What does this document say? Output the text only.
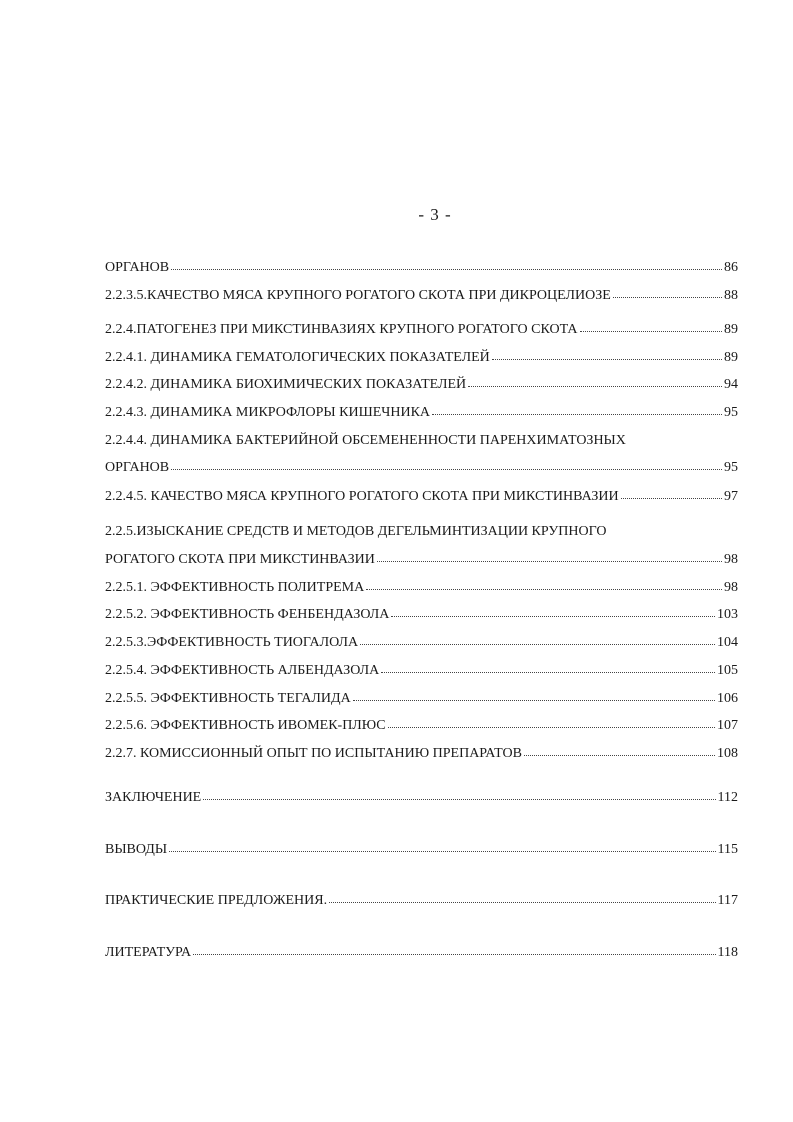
- 3 -
ОРГАНОВ	86
2.2.3.5.КАЧЕСТВО МЯСА КРУПНОГО РОГАТОГО СКОТА ПРИ ДИКРОЦЕЛИОЗЕ	88
2.2.4.ПАТОГЕНЕЗ ПРИ МИКСТИНВАЗИЯХ КРУПНОГО РОГАТОГО СКОТА	89
2.2.4.1. ДИНАМИКА ГЕМАТОЛОГИЧЕСКИХ ПОКАЗАТЕЛЕЙ	89
2.2.4.2. ДИНАМИКА БИОХИМИЧЕСКИХ ПОКАЗАТЕЛЕЙ	94
2.2.4.3. ДИНАМИКА МИКРОФЛОРЫ КИШЕЧНИКА	95
2.2.4.4. ДИНАМИКА БАКТЕРИЙНОЙ ОБСЕМЕНЕННОСТИ ПАРЕНХИМАТОЗНЫХ
ОРГАНОВ	95
2.2.4.5. КАЧЕСТВО МЯСА КРУПНОГО РОГАТОГО СКОТА ПРИ МИКСТИНВАЗИИ	97
2.2.5.ИЗЫСКАНИЕ СРЕДСТВ И МЕТОДОВ ДЕГЕЛЬМИНТИЗАЦИИ КРУПНОГО
РОГАТОГО СКОТА ПРИ МИКСТИНВАЗИИ	98
2.2.5.1. ЭФФЕКТИВНОСТЬ ПОЛИТРЕМА	98
2.2.5.2. ЭФФЕКТИВНОСТЬ ФЕНБЕНДАЗОЛА	103
2.2.5.3.ЭФФЕКТИВНОСТЬ ТИОГАЛОЛА	104
2.2.5.4. ЭФФЕКТИВНОСТЬ АЛБЕНДАЗОЛА	105
2.2.5.5. ЭФФЕКТИВНОСТЬ ТЕГАЛИДА	106
2.2.5.6. ЭФФЕКТИВНОСТЬ ИВОМЕК-ПЛЮС	107
2.2.7. КОМИССИОННЫЙ ОПЫТ ПО ИСПЫТАНИЮ ПРЕПАРАТОВ	108
ЗАКЛЮЧЕНИЕ	112
ВЫВОДЫ	115
ПРАКТИЧЕСКИЕ ПРЕДЛОЖЕНИЯ.	117
ЛИТЕРАТУРА	118
